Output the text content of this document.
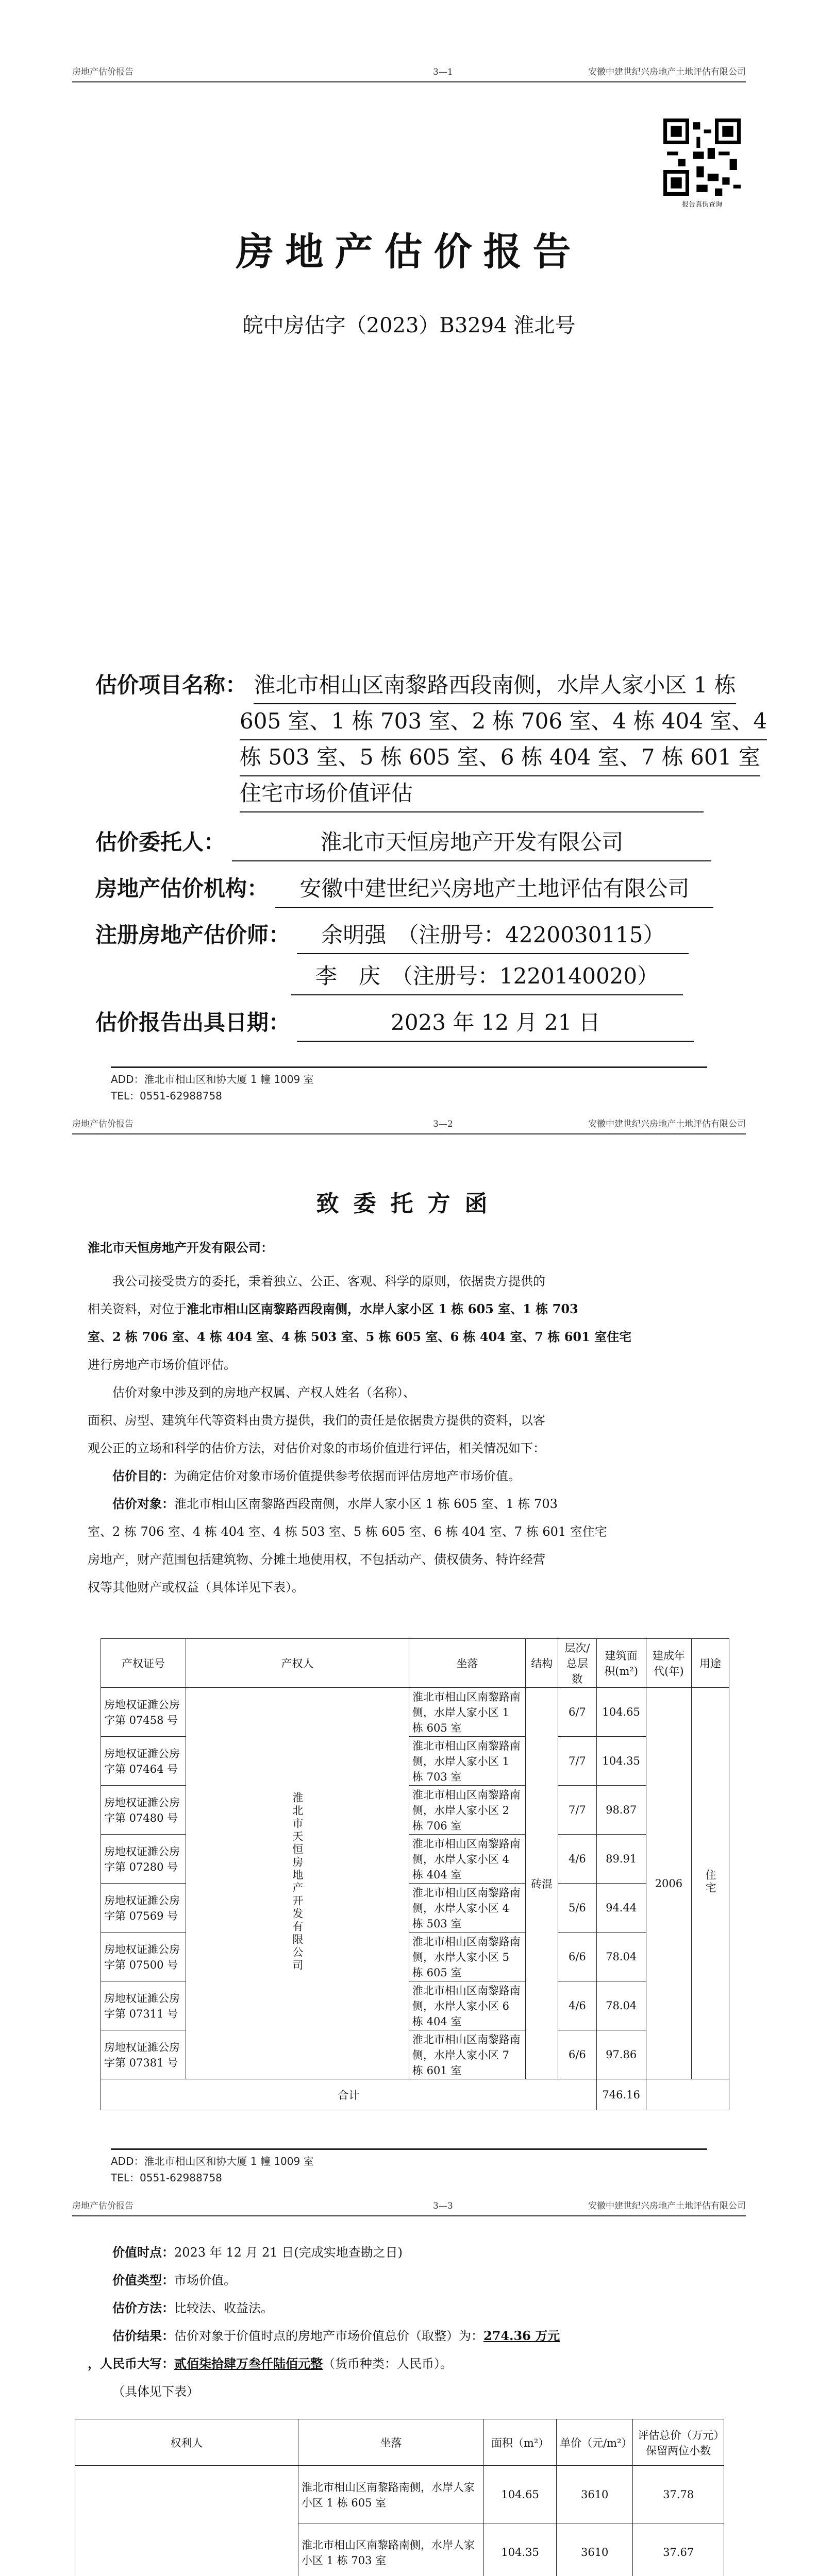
房地产估价报告	3—1	安徽中建世纪兴房地产土地评估有限公司
报告真伪查询
房地产估价报告
皖中房估字（2023）B3294 淮北号
估价项目名称： 淮北市相山区南黎路西段南侧，水岸人家小区 1 栋
605 室、1 栋 703 室、2 栋 706 室、4 栋 404 室、4
栋 503 室、5 栋 605 室、6 栋 404 室、7 栋 601 室
住宅市场价值评估
估价委托人：	淮北市天恒房地产开发有限公司
房地产估价机构： 安徽中建世纪兴房地产土地评估有限公司
注册房地产估价师： 余明强　（注册号：4220030115）
李　庆　（注册号：1220140020）
估价报告出具日期：	2023 年 12 月 21 日
ADD：淮北市相山区和协大厦 1 幢 1009 室
TEL：0551-62988758
房地产估价报告	3—2	安徽中建世纪兴房地产土地评估有限公司
致委托方函
淮北市天恒房地产开发有限公司：
我公司接受贵方的委托，秉着独立、公正、客观、科学的原则，依据贵方提供的
相关资料，对位于淮北市相山区南黎路西段南侧，水岸人家小区 1 栋 605 室、1 栋 703
室、2 栋 706 室、4 栋 404 室、4 栋 503 室、5 栋 605 室、6 栋 404 室、7 栋 601 室住宅
进行房地产市场价值评估。
估价对象中涉及到的房地产权属、产权人姓名（名称）、
面积、房型、建筑年代等资料由贵方提供，我们的责任是依据贵方提供的资料，以客
观公正的立场和科学的估价方法，对估价对象的市场价值进行评估，相关情况如下：
估价目的：为确定估价对象市场价值提供参考依据而评估房地产市场价值。
估价对象：淮北市相山区南黎路西段南侧，水岸人家小区 1 栋 605 室、1 栋 703
室、2 栋 706 室、4 栋 404 室、4 栋 503 室、5 栋 605 室、6 栋 404 室、7 栋 601 室住宅
房地产，财产范围包括建筑物、分摊土地使用权，不包括动产、债权债务、特许经营
权等其他财产或权益（具体详见下表）。
产权证号	产权人	坐落	结构	层次/总层数	建筑面积(m²)	建成年代(年)	用途
房地权证濉公房字第 07458 号	淮北市天恒房地产开发有限公司	淮北市相山区南黎路南侧，水岸人家小区 1 栋 605 室	砖混	6/7	104.65	2006	住宅
房地权证濉公房字第 07464 号		淮北市相山区南黎路南侧，水岸人家小区 1 栋 703 室		7/7	104.35		
房地权证濉公房字第 07480 号		淮北市相山区南黎路南侧，水岸人家小区 2 栋 706 室		7/7	98.87		
房地权证濉公房字第 07280 号		淮北市相山区南黎路南侧，水岸人家小区 4 栋 404 室		4/6	89.91		
房地权证濉公房字第 07569 号		淮北市相山区南黎路南侧，水岸人家小区 4 栋 503 室		5/6	94.44		
房地权证濉公房字第 07500 号		淮北市相山区南黎路南侧，水岸人家小区 5 栋 605 室		6/6	78.04		
房地权证濉公房字第 07311 号		淮北市相山区南黎路南侧，水岸人家小区 6 栋 404 室		4/6	78.04		
房地权证濉公房字第 07381 号		淮北市相山区南黎路南侧，水岸人家小区 7 栋 601 室		6/6	97.86		
合计					746.16		
ADD：淮北市相山区和协大厦 1 幢 1009 室
TEL：0551-62988758
房地产估价报告	3—3	安徽中建世纪兴房地产土地评估有限公司
价值时点：2023 年 12 月 21 日(完成实地查勘之日)
价值类型：市场价值。
估价方法：比较法、收益法。
估价结果：估价对象于价值时点的房地产市场价值总价（取整）为：274.36 万元
，人民币大写：贰佰柒拾肆万叁仟陆佰元整（货币种类：人民币）。
（具体见下表）
权利人	坐落	面积（m²）	单价（元/m²）	评估总价（万元）保留两位小数
	淮北市相山区南黎路南侧，水岸人家小区 1 栋 605 室	104.65	3610	37.78
	淮北市相山区南黎路南侧，水岸人家小区 1 栋 703 室	104.35	3610	37.67
